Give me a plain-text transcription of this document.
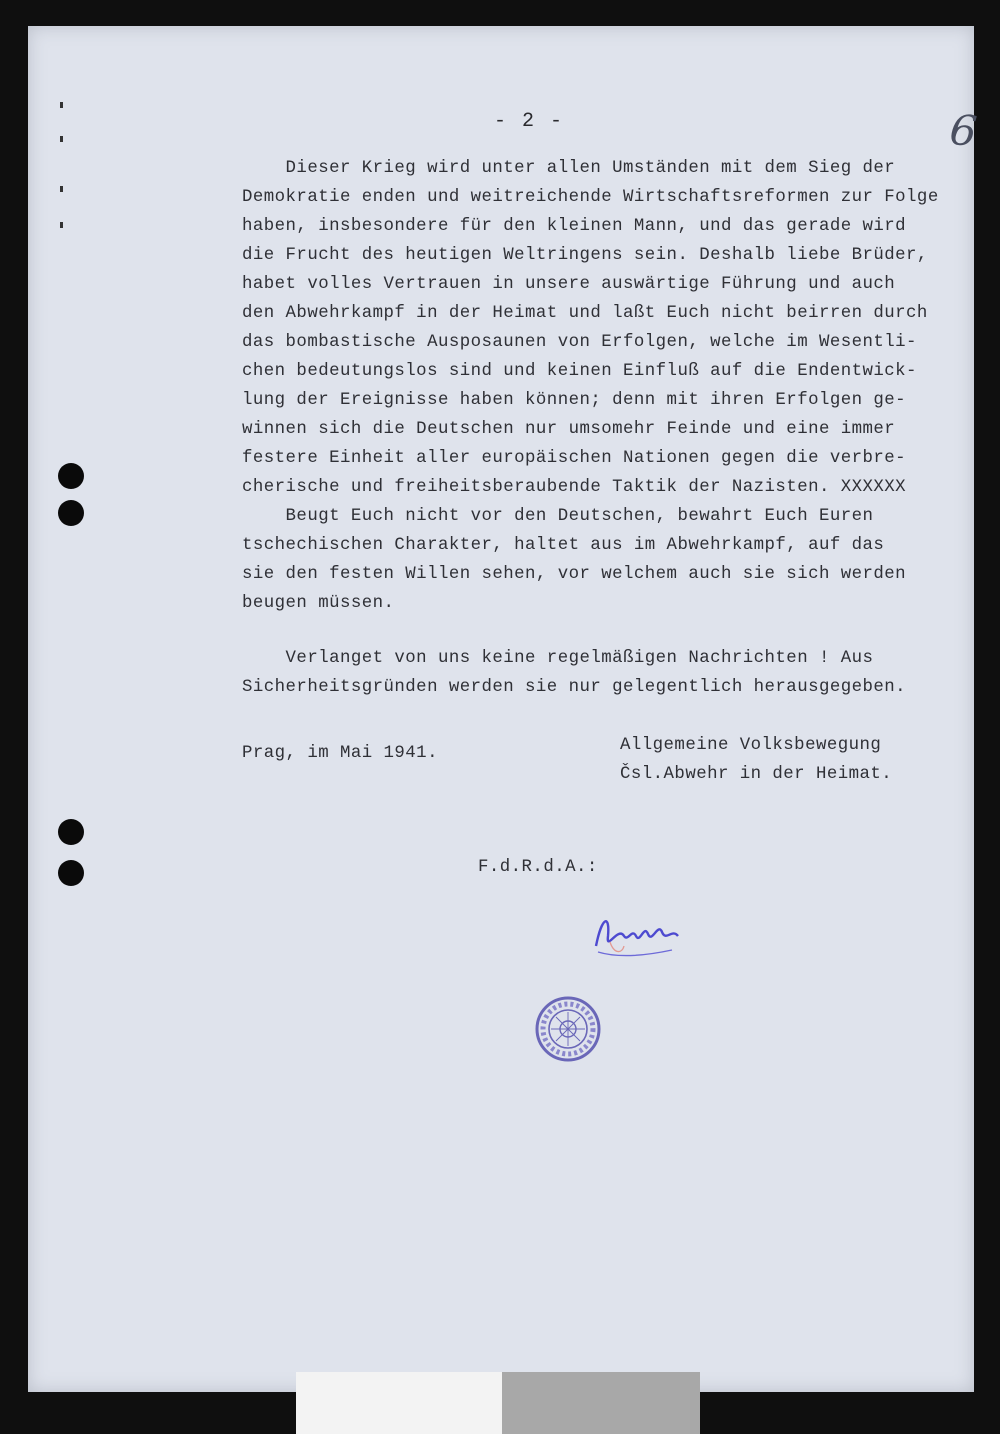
- 2 -	6
Dieser Krieg wird unter allen Umständen mit dem Sieg der
Demokratie enden und weitreichende Wirtschaftsreformen zur Folge
haben, insbesondere für den kleinen Mann, und das gerade wird
die Frucht des heutigen Weltringens sein. Deshalb liebe Brüder,
habet volles Vertrauen in unsere auswärtige Führung und auch
den Abwehrkampf in der Heimat und laßt Euch nicht beirren durch
das bombastische Ausposaunen von Erfolgen, welche im Wesentli-
chen bedeutungslos sind und keinen Einfluß auf die Endentwick-
lung der Ereignisse haben können; denn mit ihren Erfolgen ge-
winnen sich die Deutschen nur umsomehr Feinde und eine immer
festere Einheit aller europäischen Nationen gegen die verbre-
cherische und freiheitsberaubende Taktik der Nazisten. XXXXXX
Beugt Euch nicht vor den Deutschen, bewahrt Euch Euren
tschechischen Charakter, haltet aus im Abwehrkampf, auf das
sie den festen Willen sehen, vor welchem auch sie sich werden
beugen müssen.
Verlanget von uns keine regelmäßigen Nachrichten ! Aus
Sicherheitsgründen werden sie nur gelegentlich herausgegeben.
Prag, im Mai 1941.	Allgemeine Volksbewegung
Čsl.Abwehr in der Heimat.
F.d.R.d.A.:
